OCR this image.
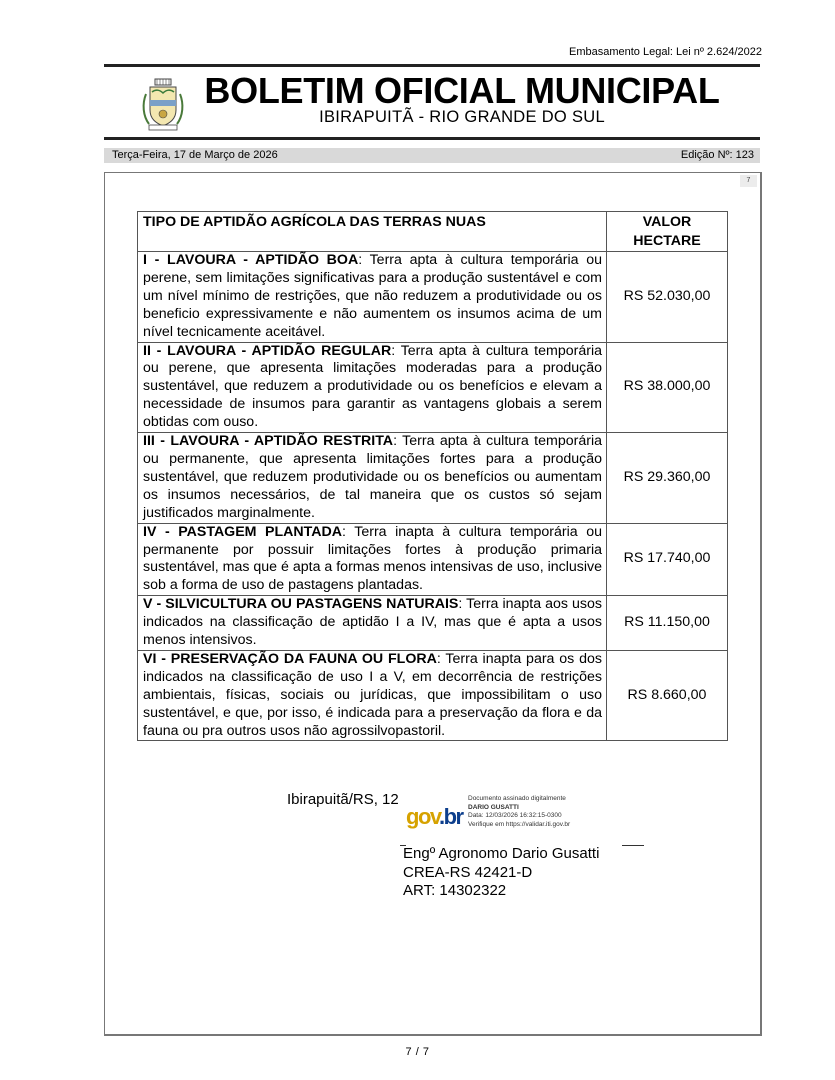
Embasamento Legal: Lei nº 2.624/2022
BOLETIM OFICIAL MUNICIPAL
IBIRAPUITÃ - RIO GRANDE DO SUL
Terça-Feira, 17 de Março de 2026	Edição Nº: 123
7
TIPO DE APTIDÃO AGRÍCOLA DAS TERRAS NUAS	VALOR HECTARE
I - LAVOURA - APTIDÃO BOA: Terra apta à cultura temporária ou perene, sem limitações significativas para a produção sustentável e com um nível mínimo de restrições, que não reduzem a produtividade ou os beneficio expressivamente e não aumentem os insumos acima de um nível tecnicamente aceitável.	RS 52.030,00
II - LAVOURA - APTIDÃO REGULAR: Terra apta à cultura temporária ou perene, que apresenta limitações moderadas para a produção sustentável, que reduzem a produtividade ou os benefícios e elevam a necessidade de insumos para garantir as vantagens globais a serem obtidas com ouso.	RS 38.000,00
III - LAVOURA - APTIDÃO RESTRITA: Terra apta à cultura temporária ou permanente, que apresenta limitações fortes para a produção sustentável, que reduzem produtividade ou os benefícios ou aumentam os insumos necessários, de tal maneira que os custos só sejam justificados marginalmente.	RS 29.360,00
IV - PASTAGEM PLANTADA: Terra inapta à cultura temporária ou permanente por possuir limitações fortes à produção primaria sustentável, mas que é apta a formas menos intensivas de uso, inclusive sob a forma de uso de pastagens plantadas.	RS 17.740,00
V - SILVICULTURA OU PASTAGENS NATURAIS: Terra inapta aos usos indicados na classificação de aptidão I a IV, mas que é apta a usos menos intensivos.	RS 11.150,00
VI - PRESERVAÇÃO DA FAUNA OU FLORA: Terra inapta para os dos indicados na classificação de uso I a V, em decorrência de restrições ambientais, físicas, sociais ou jurídicas, que impossibilitam o uso sustentável, e que, por isso, é indicada para a preservação da flora e da fauna ou pra outros usos não agrossilvopastoril.	RS 8.660,00
Ibirapuitã/RS, 12
gov.br
Documento assinado digitalmente
DARIO GUSATTI
Data: 12/03/2026 16:32:15-0300
Verifique em https://validar.iti.gov.br
Engº Agronomo Dario Gusatti
CREA-RS 42421-D
ART: 14302322
7 / 7
